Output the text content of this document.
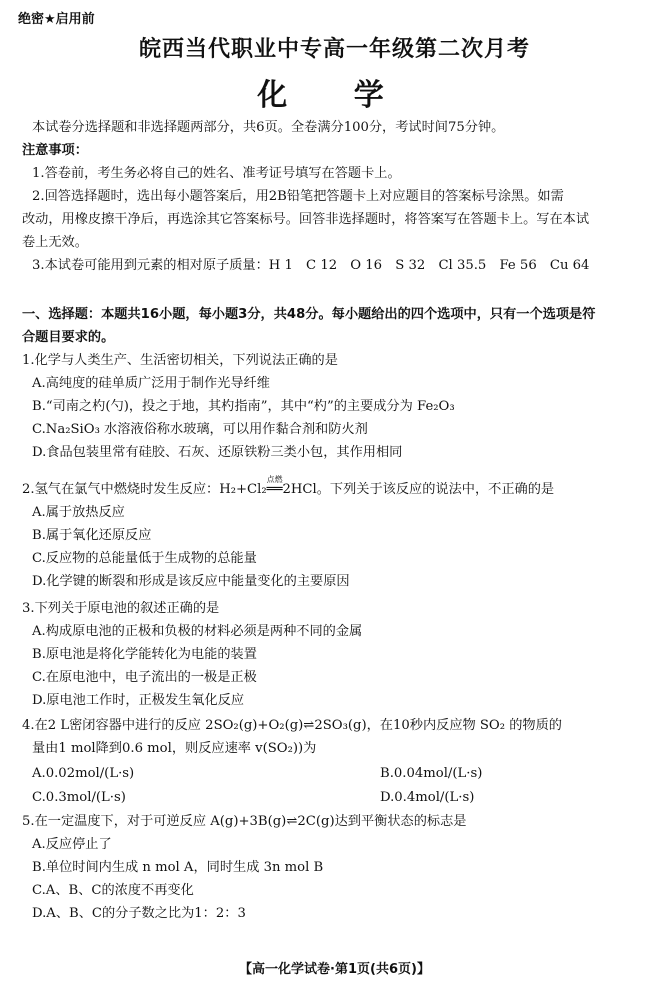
绝密★启用前
皖西当代职业中专高一年级第二次月考
化 学
本试卷分选择题和非选择题两部分，共6页。全卷满分100分，考试时间75分钟。
注意事项：
1.答卷前，考生务必将自己的姓名、准考证号填写在答题卡上。
2.回答选择题时，选出每小题答案后，用2B铅笔把答题卡上对应题目的答案标号涂黑。如需
改动，用橡皮擦干净后，再选涂其它答案标号。回答非选择题时，将答案写在答题卡上。写在本试
卷上无效。
3.本试卷可能用到元素的相对原子质量：H 1　C 12　O 16　S 32　Cl 35.5　Fe 56　Cu 64
一、选择题：本题共16小题，每小题3分，共48分。每小题给出的四个选项中，只有一个选项是符
合题目要求的。
1.化学与人类生产、生活密切相关，下列说法正确的是
A.高纯度的硅单质广泛用于制作光导纤维
B.“司南之杓(勺)，投之于地，其杓指南”，其中“杓”的主要成分为 Fe₂O₃
C.Na₂SiO₃ 水溶液俗称水玻璃，可以用作黏合剂和防火剂
D.食品包装里常有硅胶、石灰、还原铁粉三类小包，其作用相同
2.氢气在氯气中燃烧时发生反应：H₂+Cl₂
点燃
══2HCl。下列关于该反应的说法中，不正确的是
A.属于放热反应
B.属于氧化还原反应
C.反应物的总能量低于生成物的总能量
D.化学键的断裂和形成是该反应中能量变化的主要原因
3.下列关于原电池的叙述正确的是
A.构成原电池的正极和负极的材料必须是两种不同的金属
B.原电池是将化学能转化为电能的装置
C.在原电池中，电子流出的一极是正极
D.原电池工作时，正极发生氧化反应
4.在2 L密闭容器中进行的反应 2SO₂(g)+O₂(g)⇌2SO₃(g)，在10秒内反应物 SO₂ 的物质的
量由1 mol降到0.6 mol，则反应速率 v(SO₂))为
A.0.02mol/(L·s)	B.0.04mol/(L·s)
C.0.3mol/(L·s)	D.0.4mol/(L·s)
5.在一定温度下，对于可逆反应 A(g)+3B(g)⇌2C(g)达到平衡状态的标志是
A.反应停止了
B.单位时间内生成 n mol A，同时生成 3n mol B
C.A、B、C的浓度不再变化
D.A、B、C的分子数之比为1：2：3
【高一化学试卷·第1页(共6页)】
